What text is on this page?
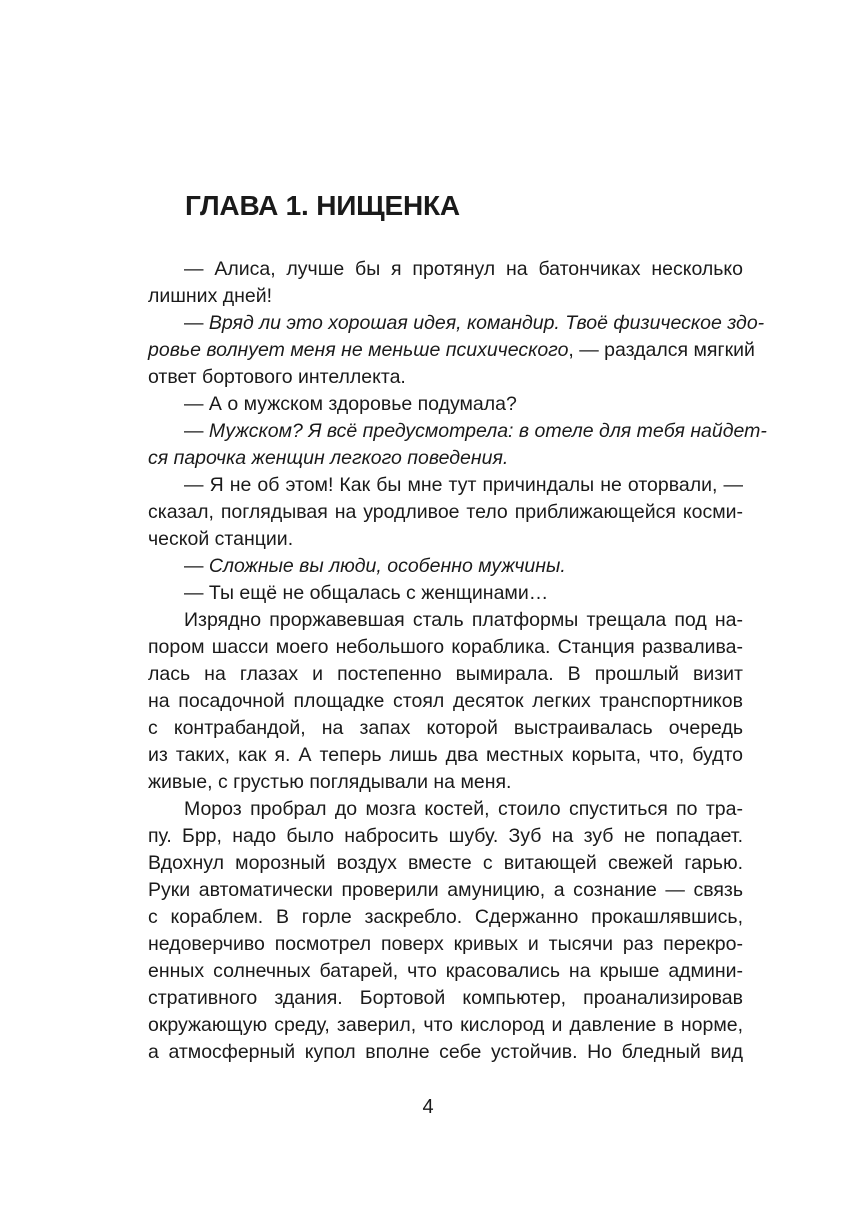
ГЛАВА 1. НИЩЕНКА

— Алиса, лучше бы я протянул на батончиках несколько
лишних дней!

— Вряд ли это хорошая идея, командир. Твоё физическое здо-
ровье волнует меня не меньше психического, — раздался мягкий
ответ бортового интеллекта.

— А о мужском здоровье подумала?

— Мужском? Я всё предусмотрела: в отеле для тебя найдет-
ся парочка женщин легкого поведения.

— Я не об этом! Как бы мне тут причиндалы не оторвали, —
сказал, поглядывая на уродливое тело приближающейся косми-
ческой станции.

— Сложные вы люди, особенно мужчины.

— Ты ещё не общалась с женщинами…

Изрядно проржавевшая сталь платформы трещала под на-
пором шасси моего небольшого кораблика. Станция развалива-
лась на глазах и постепенно вымирала. В прошлый визит
на посадочной площадке стоял десяток легких транспортников
с контрабандой, на запах которой выстраивалась очередь
из таких, как я. А теперь лишь два местных корыта, что, будто
живые, с грустью поглядывали на меня.

Мороз пробрал до мозга костей, стоило спуститься по тра-
пу. Брр, надо было набросить шубу. Зуб на зуб не попадает.
Вдохнул морозный воздух вместе с витающей свежей гарью.
Руки автоматически проверили амуницию, а сознание — связь
с кораблем. В горле заскребло. Сдержанно прокашлявшись,
недоверчиво посмотрел поверх кривых и тысячи раз перекро-
енных солнечных батарей, что красовались на крыше админи-
стративного здания. Бортовой компьютер, проанализировав
окружающую среду, заверил, что кислород и давление в норме,
а атмосферный купол вполне себе устойчив. Но бледный вид

4
